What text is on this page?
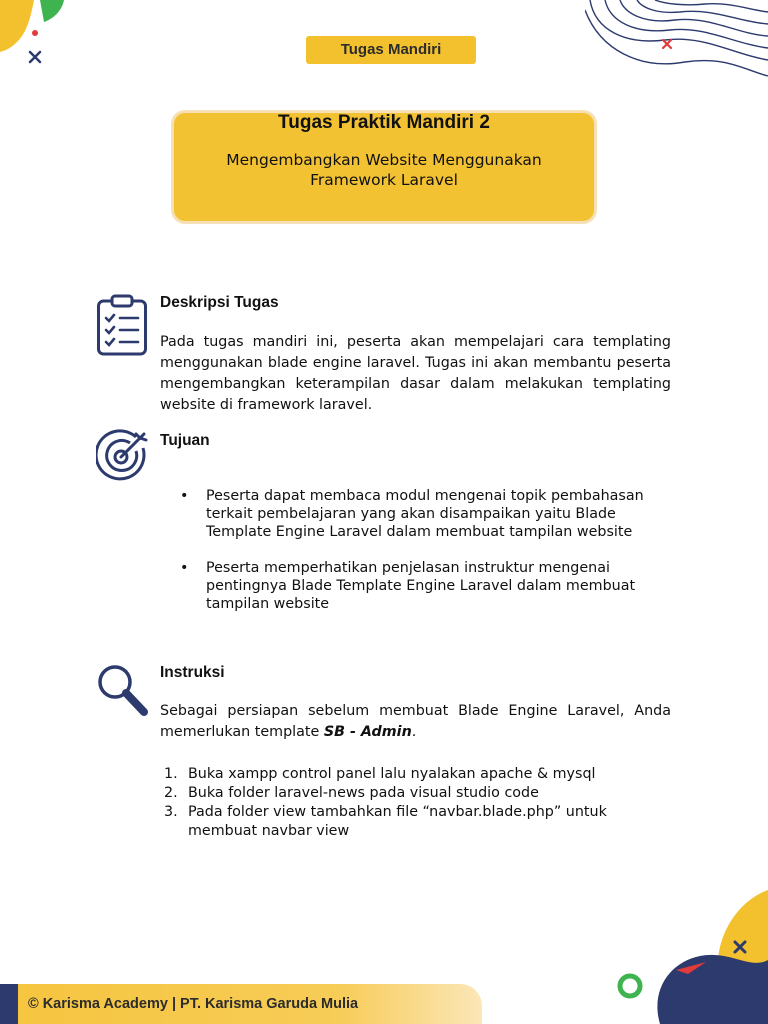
Tugas Mandiri
Tugas Praktik Mandiri 2

Mengembangkan Website Menggunakan
Framework Laravel

Deskripsi Tugas
Pada tugas mandiri ini, peserta akan mempelajari cara templating menggunakan blade engine laravel. Tugas ini akan membantu peserta mengembangkan keterampilan dasar dalam melakukan templating website di framework laravel.
Tujuan
• Peserta dapat membaca modul mengenai topik pembahasan terkait pembelajaran yang akan disampaikan yaitu Blade Template Engine Laravel dalam membuat tampilan website
• Peserta memperhatikan penjelasan instruktur mengenai pentingnya Blade Template Engine Laravel dalam membuat tampilan website
Instruksi
Sebagai persiapan sebelum membuat Blade Engine Laravel, Anda memerlukan template SB - Admin.
1. Buka xampp control panel lalu nyalakan apache & mysql
2. Buka folder laravel-news pada visual studio code
3. Pada folder view tambahkan file “navbar.blade.php” untuk membuat navbar view
© Karisma Academy | PT. Karisma Garuda Mulia
